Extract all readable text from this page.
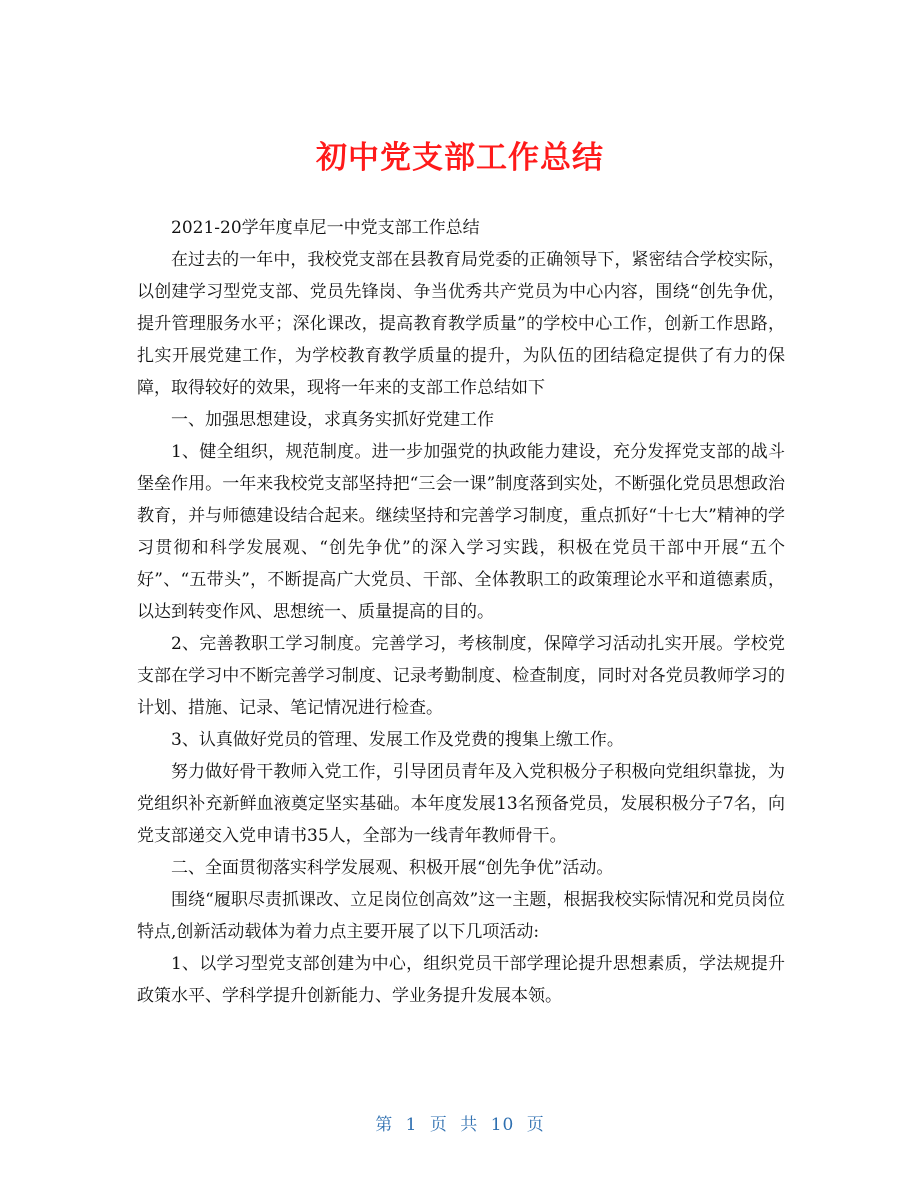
初中党支部工作总结

2021-20学年度卓尼一中党支部工作总结

在过去的一年中，我校党支部在县教育局党委的正确领导下，紧密结合学校实际，以创建学习型党支部、党员先锋岗、争当优秀共产党员为中心内容，围绕“创先争优，提升管理服务水平；深化课改，提高教育教学质量”的学校中心工作，创新工作思路，扎实开展党建工作，为学校教育教学质量的提升，为队伍的团结稳定提供了有力的保障，取得较好的效果，现将一年来的支部工作总结如下

一、加强思想建设，求真务实抓好党建工作

1、健全组织，规范制度。进一步加强党的执政能力建设，充分发挥党支部的战斗堡垒作用。一年来我校党支部坚持把“三会一课”制度落到实处，不断强化党员思想政治教育，并与师德建设结合起来。继续坚持和完善学习制度，重点抓好“十七大”精神的学习贯彻和科学发展观、“创先争优”的深入学习实践，积极在党员干部中开展“五个好”、“五带头”，不断提高广大党员、干部、全体教职工的政策理论水平和道德素质，以达到转变作风、思想统一、质量提高的目的。

2、完善教职工学习制度。完善学习，考核制度，保障学习活动扎实开展。学校党支部在学习中不断完善学习制度、记录考勤制度、检查制度，同时对各党员教师学习的计划、措施、记录、笔记情况进行检查。

3、认真做好党员的管理、发展工作及党费的搜集上缴工作。

努力做好骨干教师入党工作，引导团员青年及入党积极分子积极向党组织靠拢，为党组织补充新鲜血液奠定坚实基础。本年度发展13名预备党员，发展积极分子7名，向党支部递交入党申请书35人，全部为一线青年教师骨干。

二、全面贯彻落实科学发展观、积极开展“创先争优”活动。

围绕“履职尽责抓课改、立足岗位创高效”这一主题，根据我校实际情况和党员岗位特点,创新活动载体为着力点主要开展了以下几项活动:

1、以学习型党支部创建为中心，组织党员干部学理论提升思想素质，学法规提升政策水平、学科学提升创新能力、学业务提升发展本领。

第 1 页 共 10 页
